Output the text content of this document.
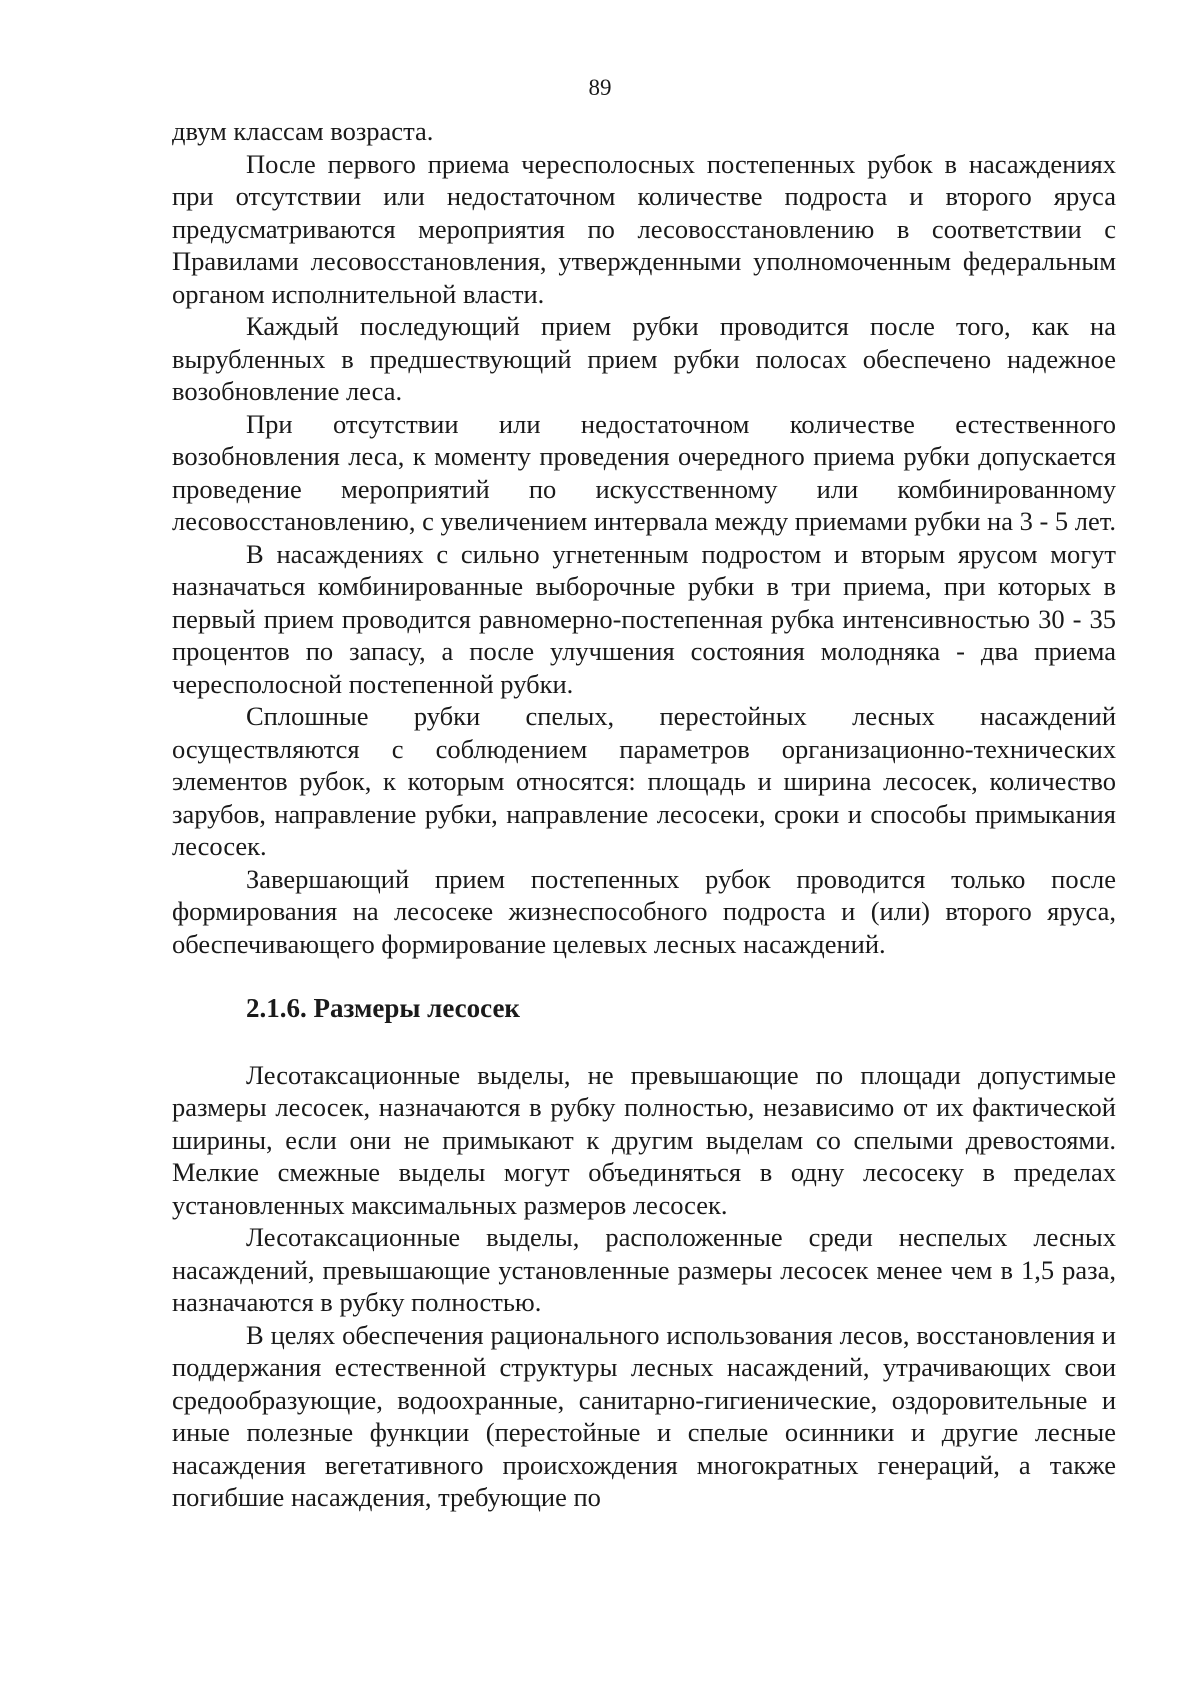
89

двум классам возраста.

После первого приема чересполосных постепенных рубок в насаждениях при отсутствии или недостаточном количестве подроста и второго яруса предусматриваются мероприятия по лесовосстановлению в соответствии с Правилами лесовосстановления, утвержденными уполномоченным федеральным органом исполнительной власти.

Каждый последующий прием рубки проводится после того, как на вырубленных в предшествующий прием рубки полосах обеспечено надежное возобновление леса.

При отсутствии или недостаточном количестве естественного возобновления леса, к моменту проведения очередного приема рубки допускается проведение мероприятий по искусственному или комбинированному лесовосстановлению, с увеличением интервала между приемами рубки на 3 - 5 лет.

В насаждениях с сильно угнетенным подростом и вторым ярусом могут назначаться комбинированные выборочные рубки в три приема, при которых в первый прием проводится равномерно-постепенная рубка интенсивностью 30 - 35 процентов по запасу, а после улучшения состояния молодняка - два приема чересполосной постепенной рубки.

Сплошные рубки спелых, перестойных лесных насаждений осуществляются с соблюдением параметров организационно-технических элементов рубок, к которым относятся: площадь и ширина лесосек, количество зарубов, направление рубки, направление лесосеки, сроки и способы примыкания лесосек.

Завершающий прием постепенных рубок проводится только после формирования на лесосеке жизнеспособного подроста и (или) второго яруса, обеспечивающего формирование целевых лесных насаждений.

2.1.6. Размеры лесосек

Лесотаксационные выделы, не превышающие по площади допустимые размеры лесосек, назначаются в рубку полностью, независимо от их фактической ширины, если они не примыкают к другим выделам со спелыми древостоями. Мелкие смежные выделы могут объединяться в одну лесосеку в пределах установленных максимальных размеров лесосек.

Лесотаксационные выделы, расположенные среди неспелых лесных насаждений, превышающие установленные размеры лесосек менее чем в 1,5 раза, назначаются в рубку полностью.

В целях обеспечения рационального использования лесов, восстановления и поддержания естественной структуры лесных насаждений, утрачивающих свои средообразующие, водоохранные, санитарно-гигиенические, оздоровительные и иные полезные функции (перестойные и спелые осинники и другие лесные насаждения вегетативного происхождения многократных генераций, а также погибшие насаждения, требующие по
